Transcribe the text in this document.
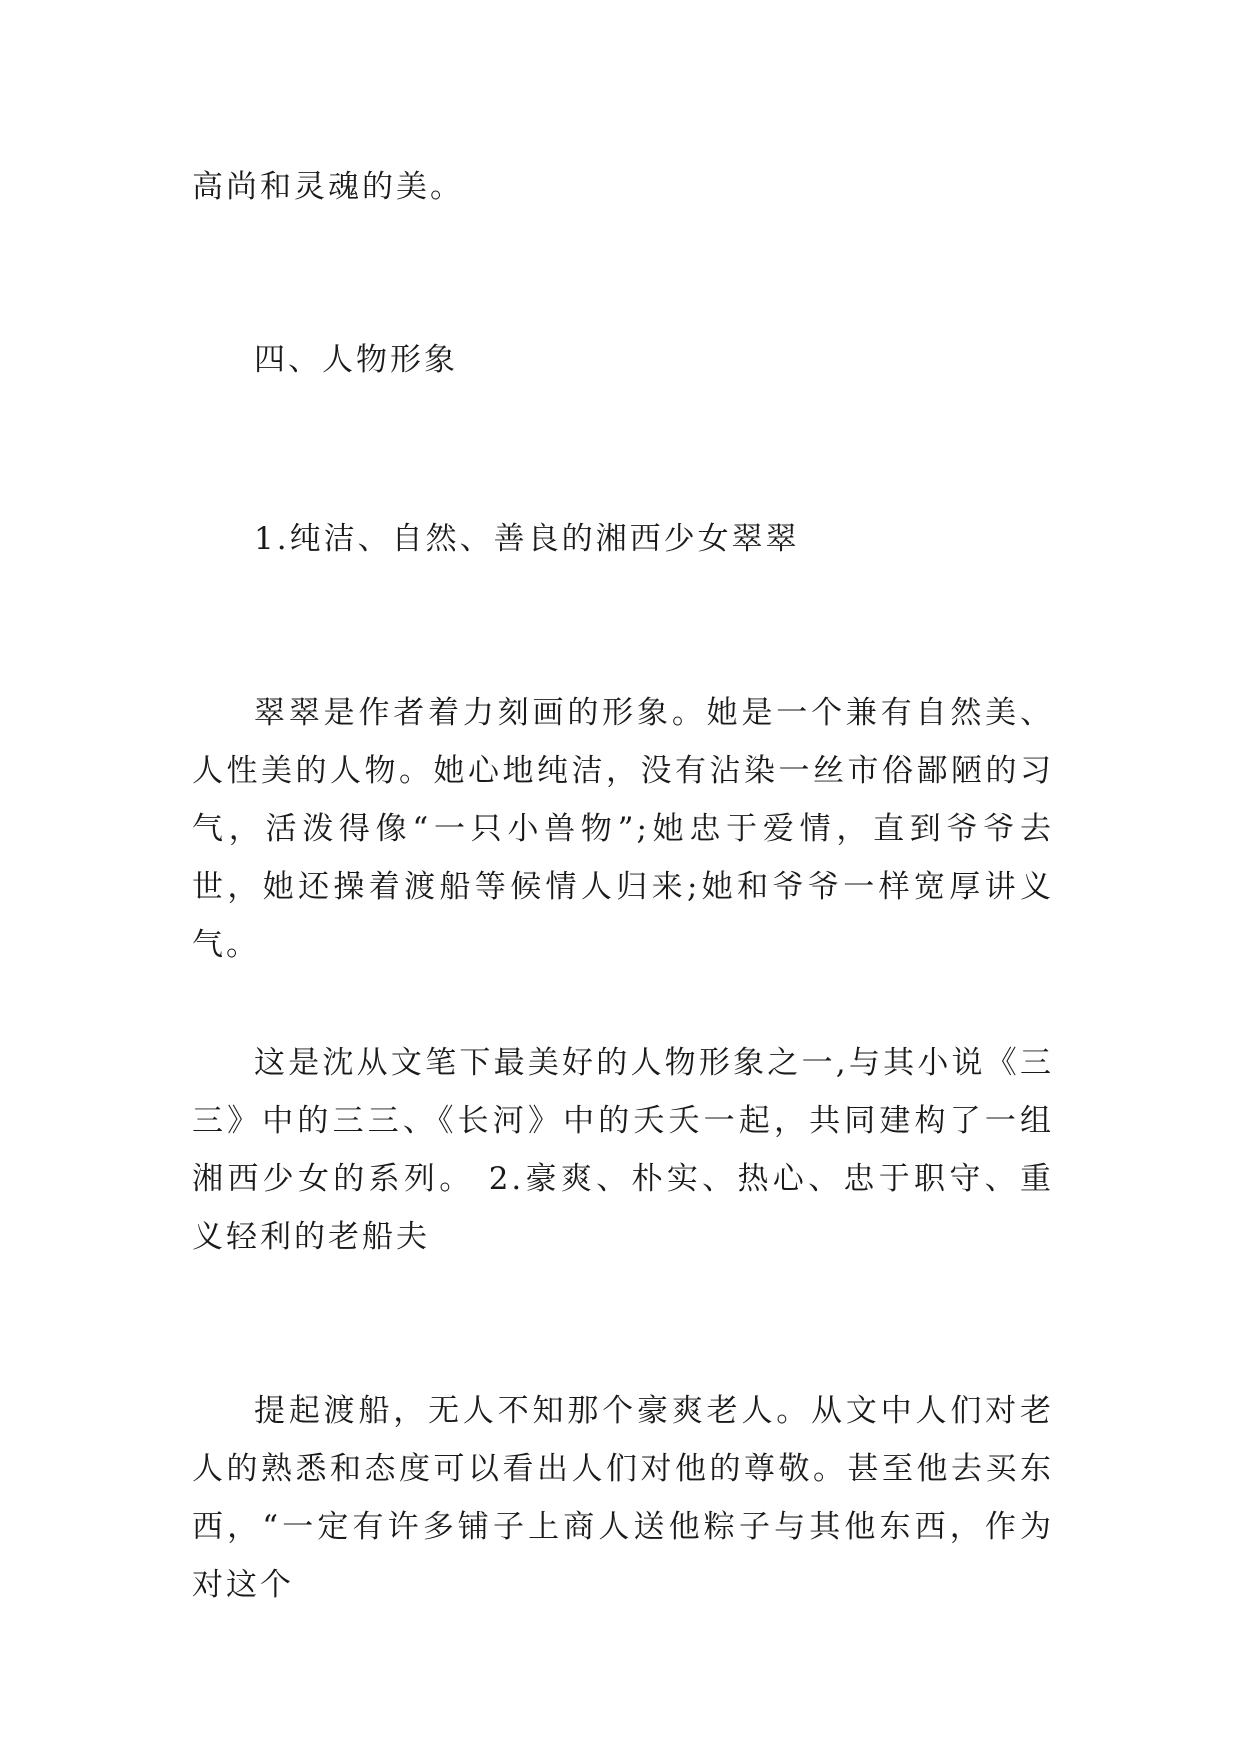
高尚和灵魂的美。

四、人物形象

1.纯洁、自然、善良的湘西少女翠翠

翠翠是作者着力刻画的形象。她是一个兼有自然美、人性美的人物。她心地纯洁，没有沾染一丝市俗鄙陋的习气，活泼得像“一只小兽物”;她忠于爱情，直到爷爷去世，她还操着渡船等候情人归来;她和爷爷一样宽厚讲义气。

这是沈从文笔下最美好的人物形象之一,与其小说《三三》中的三三、《长河》中的夭夭一起，共同建构了一组湘西少女的系列。 2.豪爽、朴实、热心、忠于职守、重义轻利的老船夫

提起渡船，无人不知那个豪爽老人。从文中人们对老人的熟悉和态度可以看出人们对他的尊敬。甚至他去买东西，“一定有许多铺子上商人送他粽子与其他东西，作为对这个
